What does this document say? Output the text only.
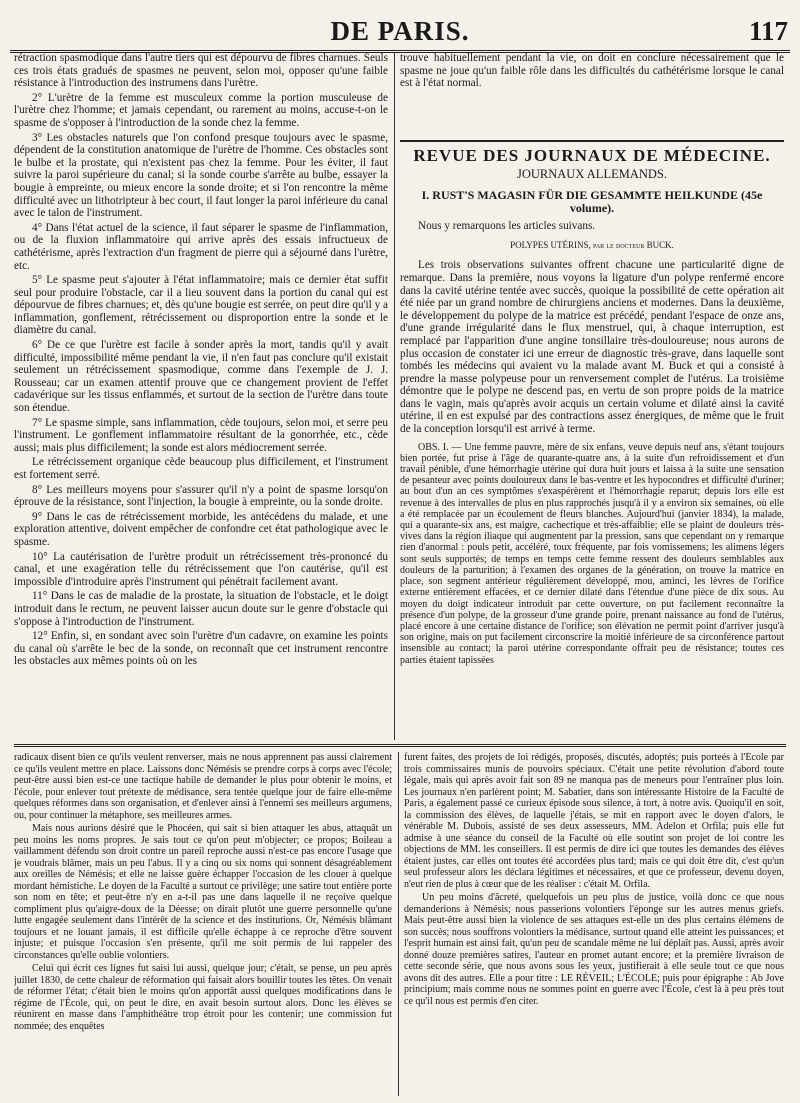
DE PARIS.	117

rétraction spasmodique dans l'autre tiers qui est dépourvu de fibres charnues. Seuls ces trois états gradués de spasmes ne peuvent, selon moi, opposer qu'une faible résistance à l'introduction des instrumens dans l'urètre.

2° L'urètre de la femme est musculeux comme la portion musculeuse de l'urètre chez l'homme; et jamais cependant, ou rarement au moins, accuse-t-on le spasme de s'opposer à l'introduction de la sonde chez la femme.

3° Les obstacles naturels que l'on confond presque toujours avec le spasme, dépendent de la constitution anatomique de l'urètre de l'homme. Ces obstacles sont le bulbe et la prostate, qui n'existent pas chez la femme. Pour les éviter, il faut suivre la paroi supérieure du canal; si la sonde courbe s'arrête au bulbe, essayer la bougie à empreinte, ou mieux encore la sonde droite; et si l'on rencontre la même difficulté avec un lithotripteur à bec court, il faut longer la paroi inférieure du canal avec le talon de l'instrument.

4° Dans l'état actuel de la science, il faut séparer le spasme de l'inflammation, ou de la fluxion inflammatoire qui arrive après des essais infructueux de cathétérisme, après l'extraction d'un fragment de pierre qui a séjourné dans l'urètre, etc.

5° Le spasme peut s'ajouter à l'état inflammatoire; mais ce dernier état suffit seul pour produire l'obstacle, car il a lieu souvent dans la portion du canal qui est dépourvue de fibres charnues; et, dès qu'une bougie est serrée, on peut dire qu'il y a inflammation, gonflement, rétrécissement ou disproportion entre la sonde et le diamètre du canal.

6° De ce que l'urètre est facile à sonder après la mort, tandis qu'il y avait difficulté, impossibilité même pendant la vie, il n'en faut pas conclure qu'il existait seulement un rétrécissement spasmodique, comme dans l'exemple de J. J. Rousseau; car un examen attentif prouve que ce changement provient de l'effet cadavérique sur les tissus enflammés, et surtout de la section de l'urètre dans toute son étendue.

7° Le spasme simple, sans inflammation, cède toujours, selon moi, et serre peu l'instrument. Le gonflement inflammatoire résultant de la gonorrhée, etc., cède aussi; mais plus difficilement; la sonde est alors médiocrement serrée.

Le rétrécissement organique cède beaucoup plus difficilement, et l'instrument est fortement serré.

8° Les meilleurs moyens pour s'assurer qu'il n'y a point de spasme lorsqu'on éprouve de la résistance, sont l'injection, la bougie à empreinte, ou la sonde droite.

9° Dans le cas de rétrécissement morbide, les antécédens du malade, et une exploration attentive, doivent empêcher de confondre cet état pathologique avec le spasme.

10° La cautérisation de l'urètre produit un rétrécissement très-prononcé du canal, et une exagération telle du rétrécissement que l'on cautérise, qu'il est impossible d'introduire après l'instrument qui pénétrait facilement avant.

11° Dans le cas de maladie de la prostate, la situation de l'obstacle, et le doigt introduit dans le rectum, ne peuvent laisser aucun doute sur le genre d'obstacle qui s'oppose à l'introduction de l'instrument.

12° Enfin, si, en sondant avec soin l'urètre d'un cadavre, on examine les points du canal où s'arrête le bec de la sonde, on reconnaît que cet instrument rencontre les obstacles aux mêmes points où on les

trouve habituellement pendant la vie, on doit en conclure nécessairement que le spasme ne joue qu'un faible rôle dans les difficultés du cathétérisme lorsque le canal est à l'état normal.

REVUE DES JOURNAUX DE MÉDECINE.
JOURNAUX ALLEMANDS.
I. RUST'S MAGASIN FÜR DIE GESAMMTE HEILKUNDE (45e volume).

Nous y remarquons les articles suivans.

POLYPES UTÉRINS, par le docteur BUCK.

Les trois observations suivantes offrent chacune une particularité digne de remarque. Dans la première, nous voyons la ligature d'un polype renfermé encore dans la cavité utérine tentée avec succès, quoique la possibilité de cette opération ait été niée par un grand nombre de chirurgiens anciens et modernes. Dans la deuxième, le développement du polype de la matrice est précédé, pendant l'espace de onze ans, d'une grande irrégularité dans le flux menstruel, qui, à chaque interruption, est remplacé par l'apparition d'une angine tonsillaire très-douloureuse; nous aurons de plus occasion de constater ici une erreur de diagnostic très-grave, dans laquelle sont tombés les médecins qui avaient vu la malade avant M. Buck et qui a consisté à prendre la masse polypeuse pour un renversement complet de l'utérus. La troisième démontre que le polype ne descend pas, en vertu de son propre poids de la matrice dans le vagin, mais qu'après avoir acquis un certain volume et dilaté ainsi la cavité utérine, il en est expulsé par des contractions assez énergiques, de même que le fruit de la conception lorsqu'il est arrivé à terme.

OBS. I. — Une femme pauvre, mère de six enfans, veuve depuis neuf ans, s'étant toujours bien portée, fut prise à l'âge de quarante-quatre ans, à la suite d'un refroidissement et d'un travail pénible, d'une hémorrhagie utérine qui dura huit jours et laissa à la suite une sensation de pesanteur avec points douloureux dans le bas-ventre et les hypocondres et difficulté d'uriner; au bout d'un an ces symptômes s'exaspérèrent et l'hémorrhagie reparut; depuis lors elle est revenue à des intervalles de plus en plus rapprochés jusqu'à il y a environ six semaines, où elle a été remplacée par un écoulement de fleurs blanches. Aujourd'hui (janvier 1834), la malade, qui a quarante-six ans, est maigre, cachectique et très-affaiblie; elle se plaint de douleurs très-vives dans la région iliaque qui augmentent par la pression, sans que cependant on y remarque rien d'anormal : pouls petit, accéléré, toux fréquente, par fois vomissemens; les alimens légers sont seuls supportés; de temps en temps cette femme ressent des douleurs semblables aux douleurs de la parturition; à l'examen des organes de la génération, on trouve la matrice en place, son segment antérieur régulièrement développé, mou, aminci, les lèvres de l'orifice externe entièrement effacées, et ce dernier dilaté dans l'étendue d'une pièce de dix sous. Au moyen du doigt indicateur introduit par cette ouverture, on put facilement reconnaître la présence d'un polype, de la grosseur d'une grande poire, prenant naissance au fond de l'utérus, placé encore à une certaine distance de l'orifice; son élévation ne permit point d'arriver jusqu'à son origine, mais on put facilement circonscrire la moitié inférieure de sa circonférence partout insensible au contact; la paroi utérine correspondante offrait peu de résistance; toutes ces parties étaient tapissées

radicaux disent bien ce qu'ils veulent renverser, mais ne nous apprennent pas aussi clairement ce qu'ils veulent mettre en place. Laissons donc Némésis se prendre corps à corps avec l'école; peut-être aussi bien est-ce une tactique habile de demander le plus pour obtenir le moins, et l'école, pour enlever tout prétexte de médisance, sera tentée quelque jour de faire elle-même quelques réformes dans son organisation, et d'enlever ainsi à l'ennemi ses meilleurs argumens, ou, pour continuer la métaphore, ses meilleures armes.

Mais nous aurions désiré que le Phocéen, qui sait si bien attaquer les abus, attaquât un peu moins les noms propres. Je sais tout ce qu'on peut m'objecter; ce propos; Boileau a vaillamment défendu son droit contre un pareil reproche aussi n'est-ce pas encore l'usage que je voudrais blâmer, mais un peu l'abus. Il y a cinq ou six noms qui sonnent désagréablement aux oreilles de Némésis; et elle ne laisse guère échapper l'occasion de les clouer à quelque mordant hémistiche. Le doyen de la Faculté a surtout ce privilège; une satire tout entière porte son nom en tête; et peut-être n'y en a-t-il pas une dans laquelle il ne reçoive quelque compliment plus qu'aigre-doux de la Déesse; on dirait plutôt une guerre personnelle qu'une lutte engagée seulement dans l'intérêt de la science et des institutions. Or, Némésis blâmant toujours et ne louant jamais, il est difficile qu'elle échappe à ce reproche d'être souvent injuste; et puisque l'occasion s'en présente, qu'il me soit permis de lui rappeler des circonstances qu'elle oublie volontiers.

Celui qui écrit ces lignes fut saisi lui aussi, quelque jour; c'était, se pense, un peu après juillet 1830, de cette chaleur de réformation qui faisait alors bouillir toutes les têtes. On venait de réformer l'état; c'était bien le moins qu'on apportât aussi quelques modifications dans le régime de l'École, qui, on peut le dire, en avait besoin surtout alors. Donc les élèves se réunirent en masse dans l'amphithéâtre trop étroit pour les contenir; une commission fut nommée; des enquêtes

furent faites, des projets de loi rédigés, proposés, discutés, adoptés; puis porteés à l'École par trois commissaires munis de pouvoirs spéciaux. C'était une petite révolution d'abord toute légale, mais qui après avoir fait son 89 ne manqua pas de meneurs pour l'entraîner plus loin. Les journaux n'en parlèrent point; M. Sabatier, dans son intéressante Histoire de la Faculté de Paris, a également passé ce curieux épisode sous silence, à tort, à notre avis. Quoiqu'il en soit, la commission des élèves, de laquelle j'étais, se mit en rapport avec le doyen d'alors, le vénérable M. Dubois, assisté de ses deux assesseurs, MM. Adelon et Orfila; puis elle fut admise à une séance du conseil de la Faculté où elle soutint son projet de loi contre les objections de MM. les conseillers. Il est permis de dire ici que toutes les demandes des élèves étaient justes, car elles ont toutes été accordées plus tard; mais ce qui doit être dit, c'est qu'un seul professeur alors les déclara légitimes et nécessaires, et que ce professeur, devenu doyen, n'eut rien de plus à cœur que de les réaliser : c'était M. Orfila.

Un peu moins d'âcreté, quelquefois un peu plus de justice, voilà donc ce que nous demanderions à Némésis; nous passerions volontiers l'éponge sur les autres menus griefs. Mais peut-être aussi bien la violence de ses attaques est-elle un des plus certains élémens de son succès; nous souffrons volontiers la médisance, surtout quand elle atteint les puissances; et l'esprit humain est ainsi fait, qu'un peu de scandale même ne lui déplaît pas. Aussi, après avoir donné douze premières satires, l'auteur en promet autant encore; et la première livraison de cette seconde série, que nous avons sous les yeux, justifierait à elle seule tout ce que nous avons dit des autres. Elle a pour titre : LE RÉVEIL; L'ÉCOLE; puis pour épigraphe : Ab Jove principium; mais comme nous ne sommes point en guerre avec l'École, c'est là à peu près tout ce qu'il nous est permis d'en citer.
